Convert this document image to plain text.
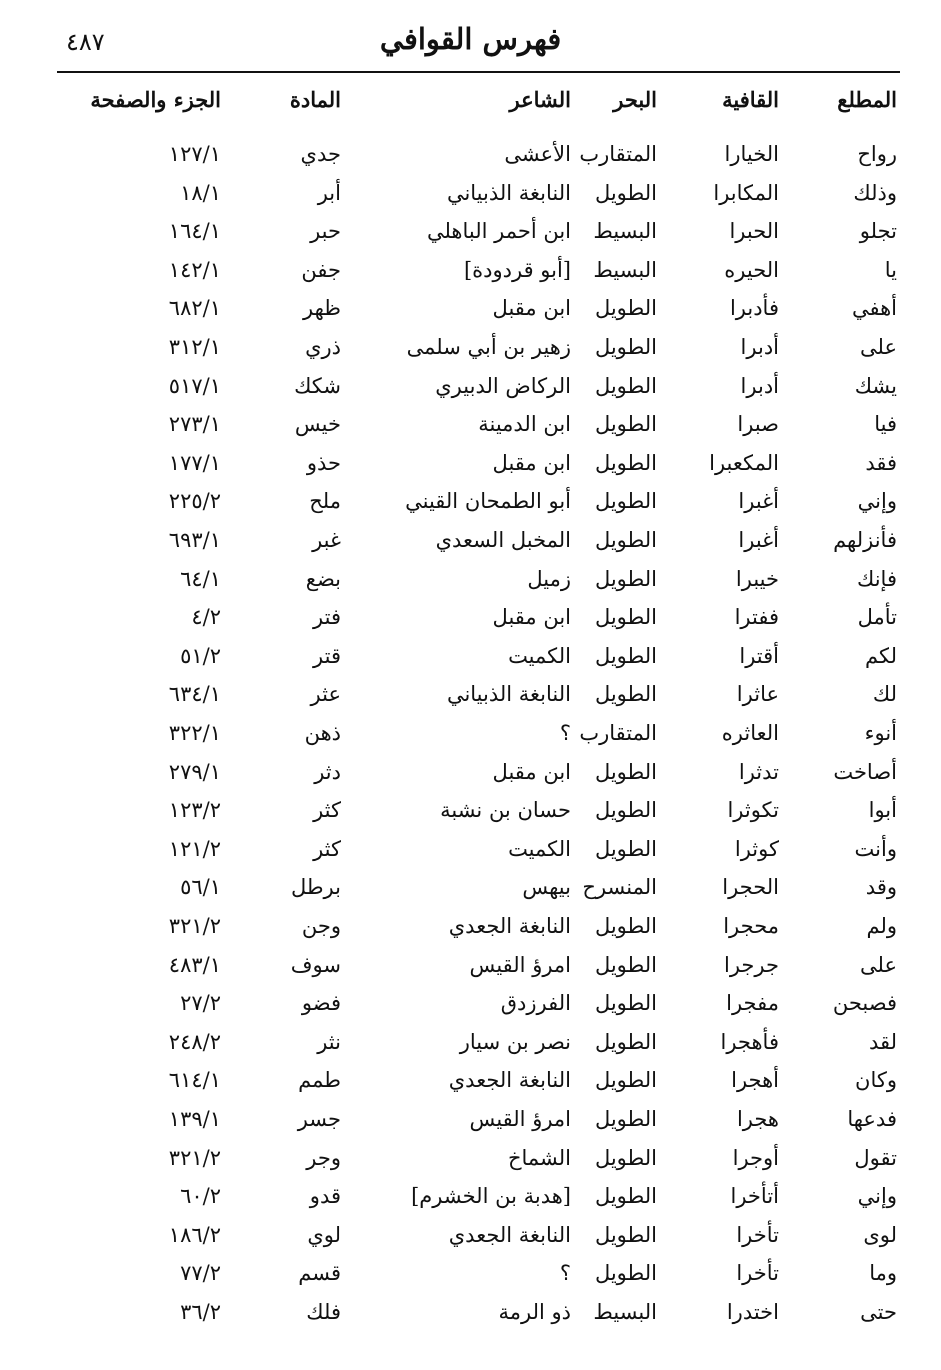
فهرس القوافي
٤٨٧
المطلع
القافية
البحر
الشاعر
المادة
الجزء والصفحة
رواح
الخيارا
المتقارب
الأعشى
جدي
١٢٧/١
وذلك
المكابرا
الطويل
النابغة الذبياني
أبر
١٨/١
تجلو
الحبرا
البسيط
ابن أحمر الباهلي
حبر
١٦٤/١
يا
الحيره
البسيط
[أبو قردودة]
جفن
١٤٢/١
أهفي
فأدبرا
الطويل
ابن مقبل
ظهر
٦٨٢/١
على
أدبرا
الطويل
زهير بن أبي سلمى
ذري
٣١٢/١
يشك
أدبرا
الطويل
الركاض الدبيري
شكك
٥١٧/١
فيا
صبرا
الطويل
ابن الدمينة
خيس
٢٧٣/١
فقد
المكعبرا
الطويل
ابن مقبل
حذو
١٧٧/١
وإني
أغبرا
الطويل
أبو الطمحان القيني
ملح
٢٢٥/٢
فأنزلهم
أغبرا
الطويل
المخبل السعدي
غبر
٦٩٣/١
فإنك
خيبرا
الطويل
زميل
بضع
٦٤/١
تأمل
ففترا
الطويل
ابن مقبل
فتر
٤/٢
لكم
أقترا
الطويل
الكميت
قتر
٥١/٢
لك
عاثرا
الطويل
النابغة الذبياني
عثر
٦٣٤/١
أنوء
العاثره
المتقارب
؟
ذهن
٣٢٢/١
أصاخت
تدثرا
الطويل
ابن مقبل
دثر
٢٧٩/١
أبوا
تكوثرا
الطويل
حسان بن نشبة
كثر
١٢٣/٢
وأنت
كوثرا
الطويل
الكميت
كثر
١٢١/٢
وقد
الحجرا
المنسرح
بيهس
برطل
٥٦/١
ولم
محجرا
الطويل
النابغة الجعدي
وجن
٣٢١/٢
على
جرجرا
الطويل
امرؤ القيس
سوف
٤٨٣/١
فصبحن
مفجرا
الطويل
الفرزدق
فضو
٢٧/٢
لقد
فأهجرا
الطويل
نصر بن سيار
نثر
٢٤٨/٢
وكان
أهجرا
الطويل
النابغة الجعدي
طمم
٦١٤/١
فدعها
هجرا
الطويل
امرؤ القيس
جسر
١٣٩/١
تقول
أوجرا
الطويل
الشماخ
وجر
٣٢١/٢
وإني
أتأخرا
الطويل
[هدبة بن الخشرم]
قدو
٦٠/٢
لوى
تأخرا
الطويل
النابغة الجعدي
لوي
١٨٦/٢
وما
تأخرا
الطويل
؟
قسم
٧٧/٢
حتى
اختدرا
البسيط
ذو الرمة
فلك
٣٦/٢
